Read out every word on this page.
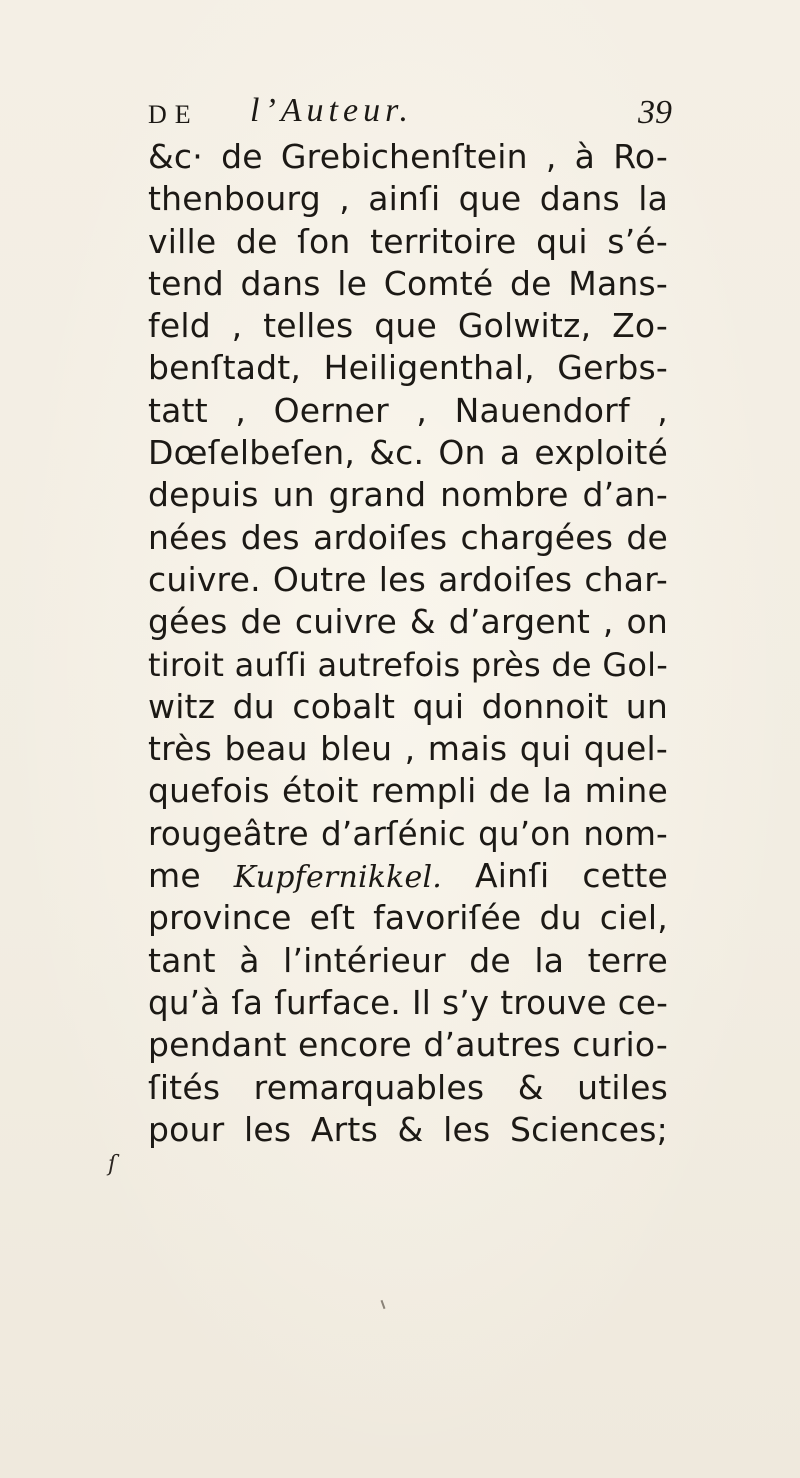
DE l’Auteur.	39
&c· de Grebichenſtein , à Ro-
thenbourg , ainſi que dans la
ville de ſon territoire qui s’é-
tend dans le Comté de Mans-
feld , telles que Golwitz, Zo-
benſtadt, Heiligenthal, Gerbs-
tatt , Oerner , Nauendorf ,
Dœſelbeſen, &c. On a exploité
depuis un grand nombre d’an-
nées des ardoiſes chargées de
cuivre. Outre les ardoiſes char-
gées de cuivre & d’argent , on
tiroit auſſi autrefois près de Gol-
witz du cobalt qui donnoit un
très beau bleu , mais qui quel-
quefois étoit rempli de la mine
rougeâtre d’arſénic qu’on nom-
me Kupfernikkel. Ainſi cette
province eſt favoriſée du ciel,
tant à l’intérieur de la terre
qu’à ſa ſurface. Il s’y trouve ce-
pendant encore d’autres curio-
ſités remarquables & utiles
pour les Arts & les Sciences;
ſ
